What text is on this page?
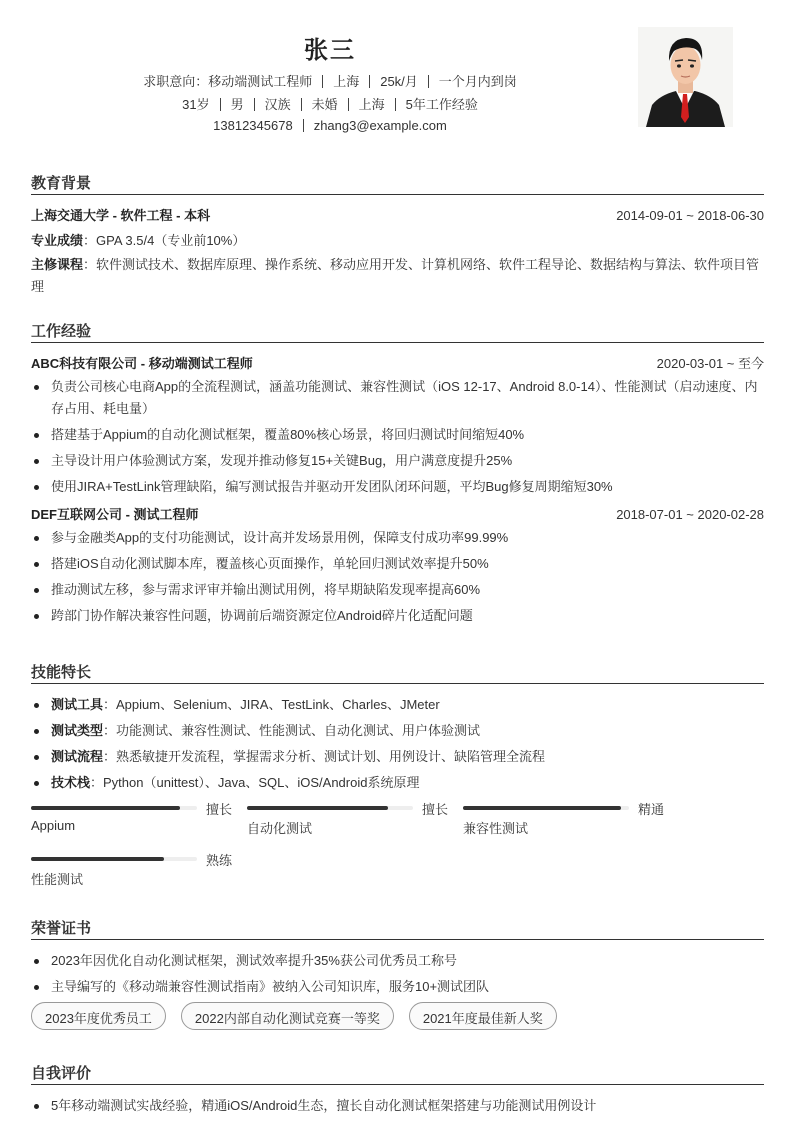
张三
求职意向：移动端测试工程师 上海 25k/月 一个月内到岗
31岁 男 汉族 未婚 上海 5年工作经验
13812345678 zhang3@example.com
教育背景
上海交通大学 - 软件工程 - 本科	2014-09-01 ~ 2018-06-30
专业成绩：GPA 3.5/4（专业前10%）
主修课程：软件测试技术、数据库原理、操作系统、移动应用开发、计算机网络、软件工程导论、数据结构与算法、软件项目管理
工作经验
ABC科技有限公司 - 移动端测试工程师	2020-03-01 ~ 至今
负责公司核心电商App的全流程测试，涵盖功能测试、兼容性测试（iOS 12-17、Android 8.0-14）、性能测试（启动速度、内存占用、耗电量）
搭建基于Appium的自动化测试框架，覆盖80%核心场景，将回归测试时间缩短40%
主导设计用户体验测试方案，发现并推动修复15+关键Bug，用户满意度提升25%
使用JIRA+TestLink管理缺陷，编写测试报告并驱动开发团队闭环问题，平均Bug修复周期缩短30%
DEF互联网公司 - 测试工程师	2018-07-01 ~ 2020-02-28
参与金融类App的支付功能测试，设计高并发场景用例，保障支付成功率99.99%
搭建iOS自动化测试脚本库，覆盖核心页面操作，单轮回归测试效率提升50%
推动测试左移，参与需求评审并输出测试用例，将早期缺陷发现率提高60%
跨部门协作解决兼容性问题，协调前后端资源定位Android碎片化适配问题
技能特长
测试工具：Appium、Selenium、JIRA、TestLink、Charles、JMeter
测试类型：功能测试、兼容性测试、性能测试、自动化测试、用户体验测试
测试流程：熟悉敏捷开发流程，掌握需求分析、测试计划、用例设计、缺陷管理全流程
技术栈：Python（unittest）、Java、SQL、iOS/Android系统原理
擅长
Appium
擅长
自动化测试
精通
兼容性测试
熟练
性能测试
荣誉证书
2023年因优化自动化测试框架，测试效率提升35%获公司优秀员工称号
主导编写的《移动端兼容性测试指南》被纳入公司知识库，服务10+测试团队
2023年度优秀员工	2022内部自动化测试竞赛一等奖	2021年度最佳新人奖
自我评价
5年移动端测试实战经验，精通iOS/Android生态，擅长自动化测试框架搭建与功能测试用例设计
